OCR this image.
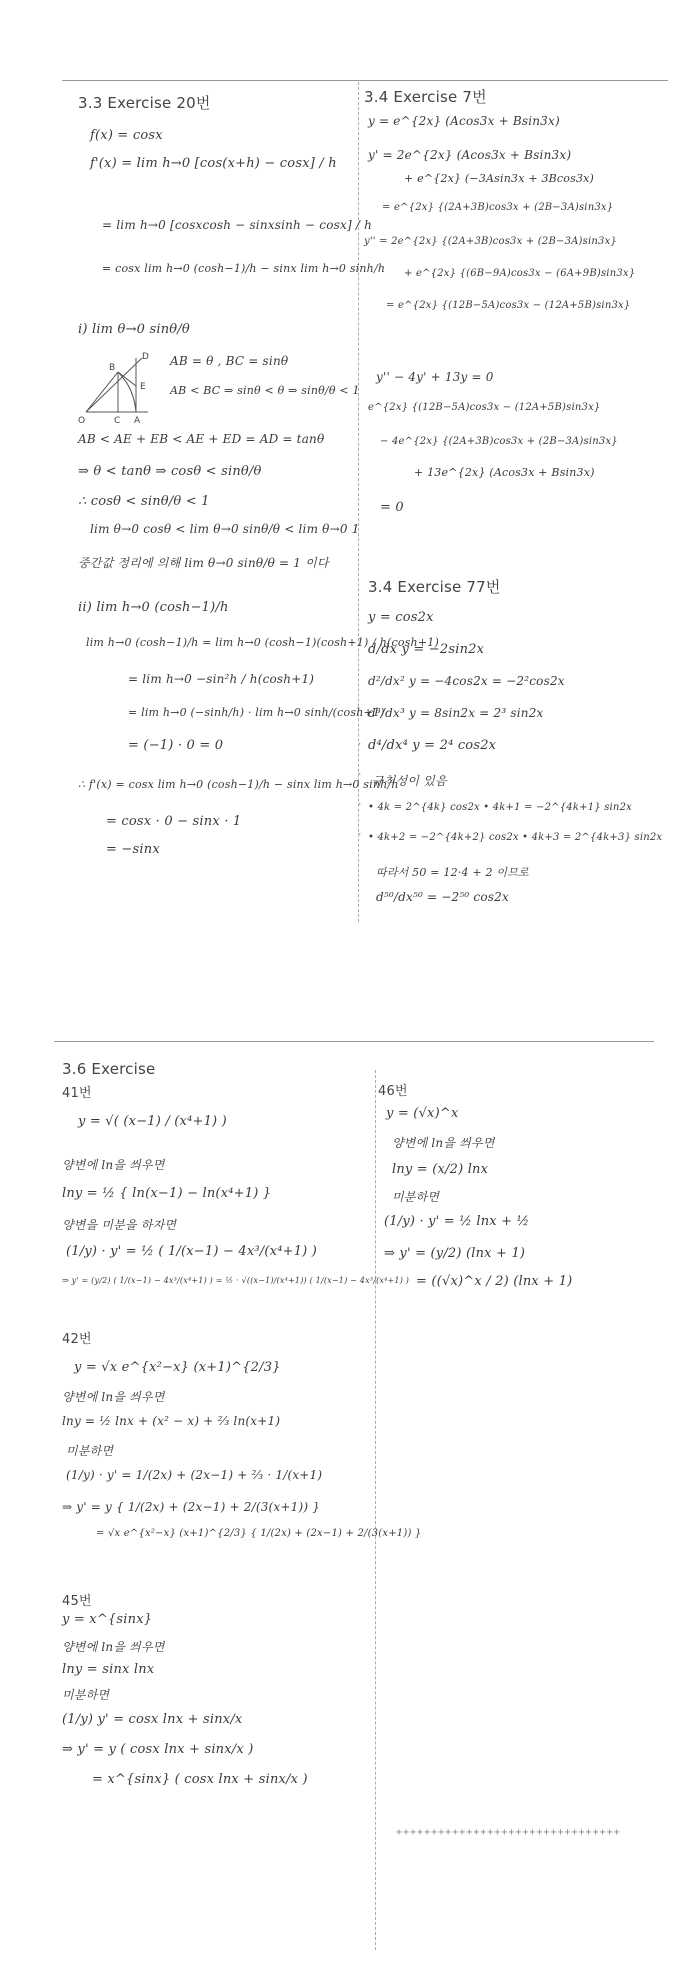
3.3 Exercise 20번
f(x) = cosx
f'(x) = lim h→0 [cos(x+h) − cosx] / h
= lim h→0 [cosxcosh − sinxsinh − cosx] / h
= cosx lim h→0 (cosh−1)/h − sinx lim h→0 sinh/h
i) lim θ→0 sinθ/θ
B
D
E
O	C A
AB = θ , BC = sinθ
AB < BC ⇒ sinθ < θ ⇒ sinθ/θ < 1
AB < AE + EB < AE + ED = AD = tanθ
⇒ θ < tanθ ⇒ cosθ < sinθ/θ
∴ cosθ < sinθ/θ < 1
lim θ→0 cosθ < lim θ→0 sinθ/θ < lim θ→0 1
중간값 정리에 의해 lim θ→0 sinθ/θ = 1 이다
ii) lim h→0 (cosh−1)/h
lim h→0 (cosh−1)/h = lim h→0 (cosh−1)(cosh+1) / h(cosh+1)
= lim h→0 −sin²h / h(cosh+1)
= lim h→0 (−sinh/h) · lim h→0 sinh/(cosh+1)
= (−1) · 0 = 0
∴ f'(x) = cosx lim h→0 (cosh−1)/h − sinx lim h→0 sinh/h
= cosx · 0 − sinx · 1
= −sinx
3.4 Exercise 7번
y = e^{2x} (Acos3x + Bsin3x)
y' = 2e^{2x} (Acos3x + Bsin3x)
+ e^{2x} (−3Asin3x + 3Bcos3x)
= e^{2x} {(2A+3B)cos3x + (2B−3A)sin3x}
y'' = 2e^{2x} {(2A+3B)cos3x + (2B−3A)sin3x}
+ e^{2x} {(6B−9A)cos3x − (6A+9B)sin3x}
= e^{2x} {(12B−5A)cos3x − (12A+5B)sin3x}
y'' − 4y' + 13y = 0
e^{2x} {(12B−5A)cos3x − (12A+5B)sin3x}
− 4e^{2x} {(2A+3B)cos3x + (2B−3A)sin3x}
+ 13e^{2x} (Acos3x + Bsin3x)
= 0
3.4 Exercise 77번
y = cos2x
d/dx y = −2sin2x
d²/dx² y = −4cos2x = −2²cos2x
d³/dx³ y = 8sin2x = 2³ sin2x
d⁴/dx⁴ y = 2⁴ cos2x
규칙성이 있음
• 4k = 2^{4k} cos2x • 4k+1 = −2^{4k+1} sin2x
• 4k+2 = −2^{4k+2} cos2x • 4k+3 = 2^{4k+3} sin2x
따라서 50 = 12·4 + 2 이므로
d⁵⁰/dx⁵⁰ = −2⁵⁰ cos2x
·
·
·
·
3.6 Exercise
41번
y = √( (x−1) / (x⁴+1) )
양변에 ln을 씌우면
lny = ½ { ln(x−1) − ln(x⁴+1) }
양변을 미분을 하자면
(1/y) · y' = ½ ( 1/(x−1) − 4x³/(x⁴+1) )
⇒ y' = (y/2) ( 1/(x−1) − 4x³/(x⁴+1) ) = ½ · √((x−1)/(x⁴+1)) ( 1/(x−1) − 4x³/(x⁴+1) )
42번
y = √x e^{x²−x} (x+1)^{2/3}
양변에 ln을 씌우면
lny = ½ lnx + (x² − x) + ⅔ ln(x+1)
미분하면
(1/y) · y' = 1/(2x) + (2x−1) + ⅔ · 1/(x+1)
⇒ y' = y { 1/(2x) + (2x−1) + 2/(3(x+1)) }
= √x e^{x²−x} (x+1)^{2/3} { 1/(2x) + (2x−1) + 2/(3(x+1)) }
45번
y = x^{sinx}
양변에 ln을 씌우면
lny = sinx lnx
미분하면
(1/y) y' = cosx lnx + sinx/x
⇒ y' = y ( cosx lnx + sinx/x )
= x^{sinx} ( cosx lnx + sinx/x )
46번
y = (√x)^x
양변에 ln을 씌우면
lny = (x/2) lnx
미분하면
(1/y) · y' = ½ lnx + ½
⇒ y' = (y/2) (lnx + 1)
= ((√x)^x / 2) (lnx + 1)
++++++++++++++++++++++++++++++++
